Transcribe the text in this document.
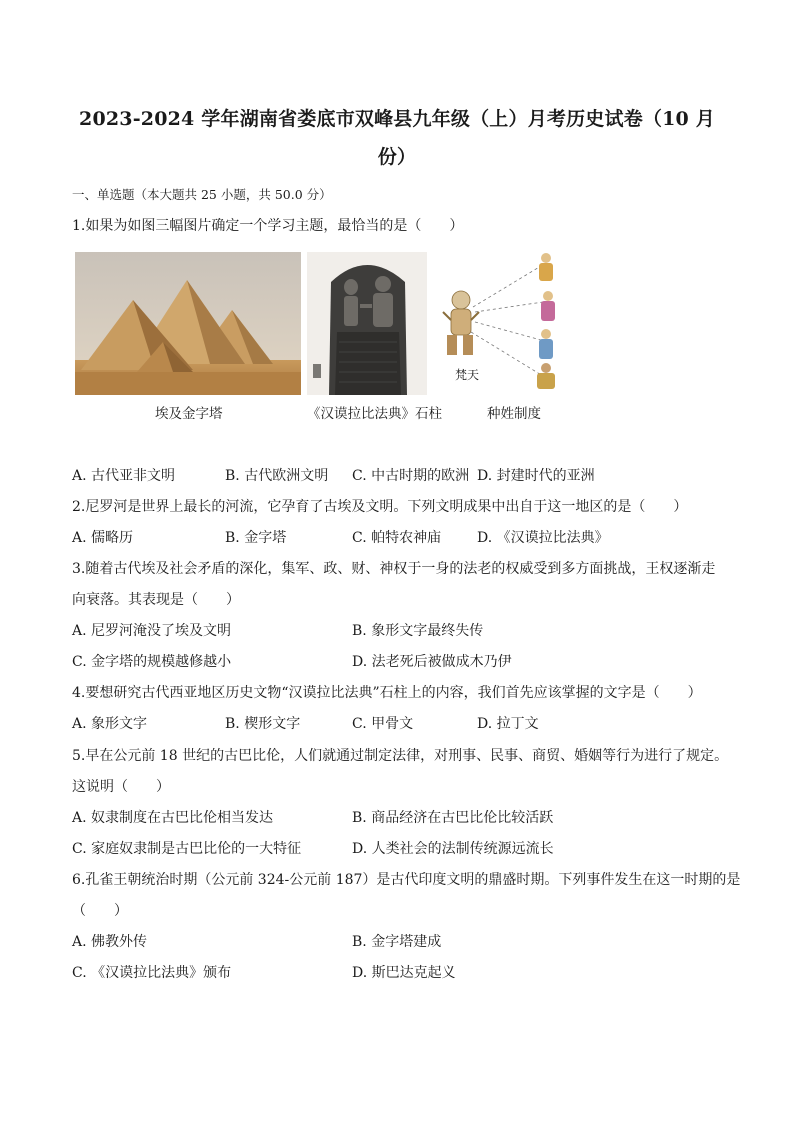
2023-2024 学年湖南省娄底市双峰县九年级（上）月考历史试卷（10 月
份）
一、单选题（本大题共 25 小题，共 50.0 分）
1.如果为如图三幅图片确定一个学习主题，最恰当的是（　　）
梵天
埃及金字塔	《汉谟拉比法典》石柱	种姓制度
A. 古代亚非文明	B. 古代欧洲文明 C. 中古时期的欧洲 D. 封建时代的亚洲
2.尼罗河是世界上最长的河流，它孕育了古埃及文明。下列文明成果中出自于这一地区的是（　　）
A. 儒略历	B. 金字塔	C. 帕特农神庙	D. 《汉谟拉比法典》
3.随着古代埃及社会矛盾的深化，集军、政、财、神权于一身的法老的权威受到多方面挑战，王权逐渐走
向衰落。其表现是（　　）
A. 尼罗河淹没了埃及文明	B. 象形文字最终失传
C. 金字塔的规模越修越小	D. 法老死后被做成木乃伊
4.要想研究古代西亚地区历史文物“汉谟拉比法典”石柱上的内容，我们首先应该掌握的文字是（　　）
A. 象形文字	B. 楔形文字	C. 甲骨文	D. 拉丁文
5.早在公元前 18 世纪的古巴比伦，人们就通过制定法律，对刑事、民事、商贸、婚姻等行为进行了规定。
这说明（　　）
A. 奴隶制度在古巴比伦相当发达	B. 商品经济在古巴比伦比较活跃
C. 家庭奴隶制是古巴比伦的一大特征	D. 人类社会的法制传统源远流长
6.孔雀王朝统治时期（公元前 324-公元前 187）是古代印度文明的鼎盛时期。下列事件发生在这一时期的是
（　　）
A. 佛教外传	B. 金字塔建成
C. 《汉谟拉比法典》颁布	D. 斯巴达克起义
